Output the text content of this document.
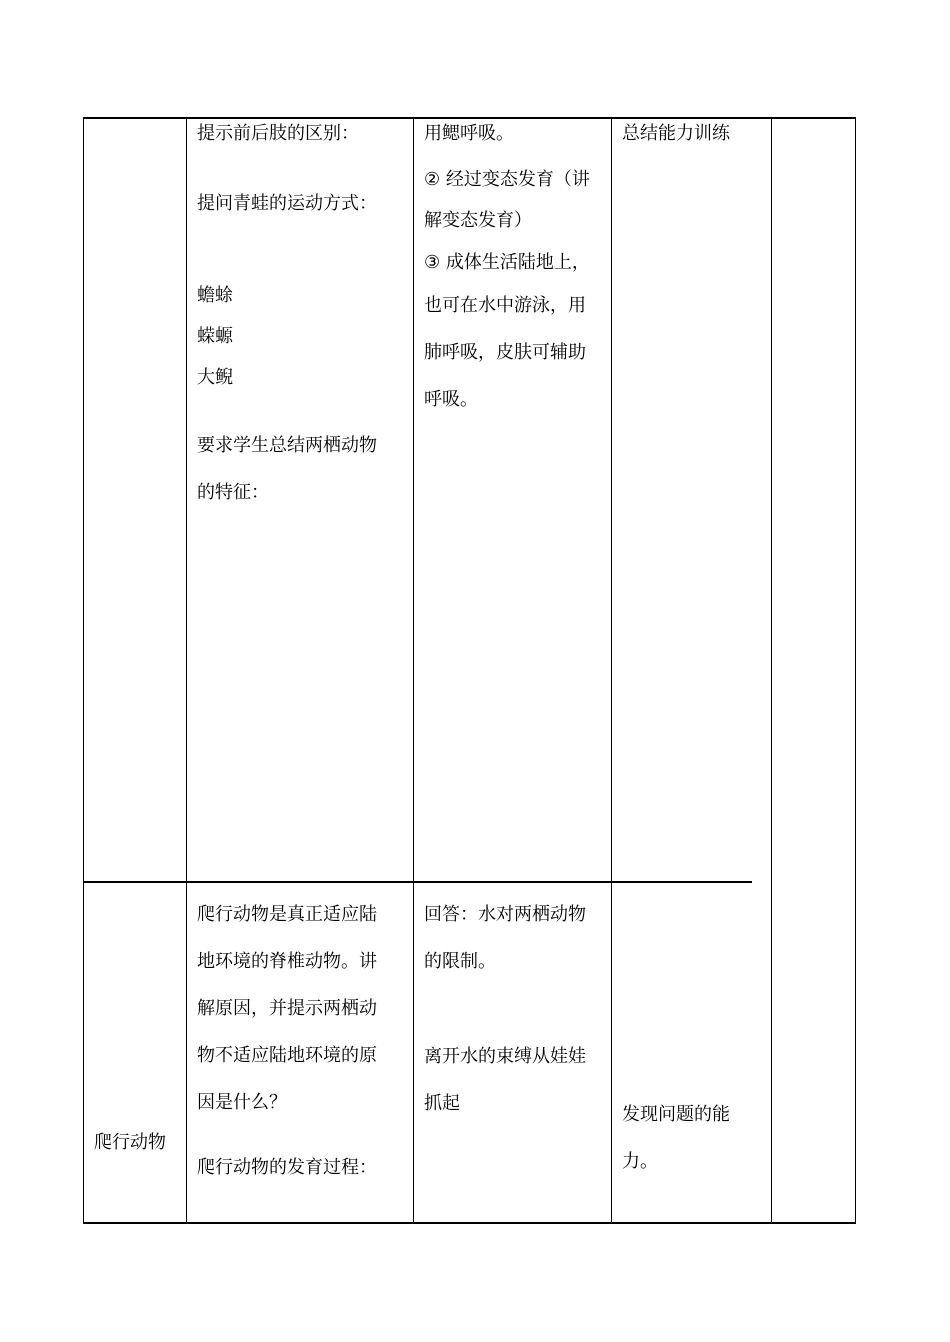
提示前后肢的区别：

提问青蛙的运动方式：

蟾蜍

蝾螈

大鲵

要求学生总结两栖动物

的特征：

用鳃呼吸。

② 经过变态发育（讲

解变态发育）

③ 成体生活陆地上，

也可在水中游泳，用

肺呼吸，皮肤可辅助

呼吸。

总结能力训练

爬行动物

爬行动物是真正适应陆

地环境的脊椎动物。讲

解原因，并提示两栖动

物不适应陆地环境的原

因是什么？

爬行动物的发育过程：

回答：水对两栖动物

的限制。

离开水的束缚从娃娃

抓起

发现问题的能

力。
